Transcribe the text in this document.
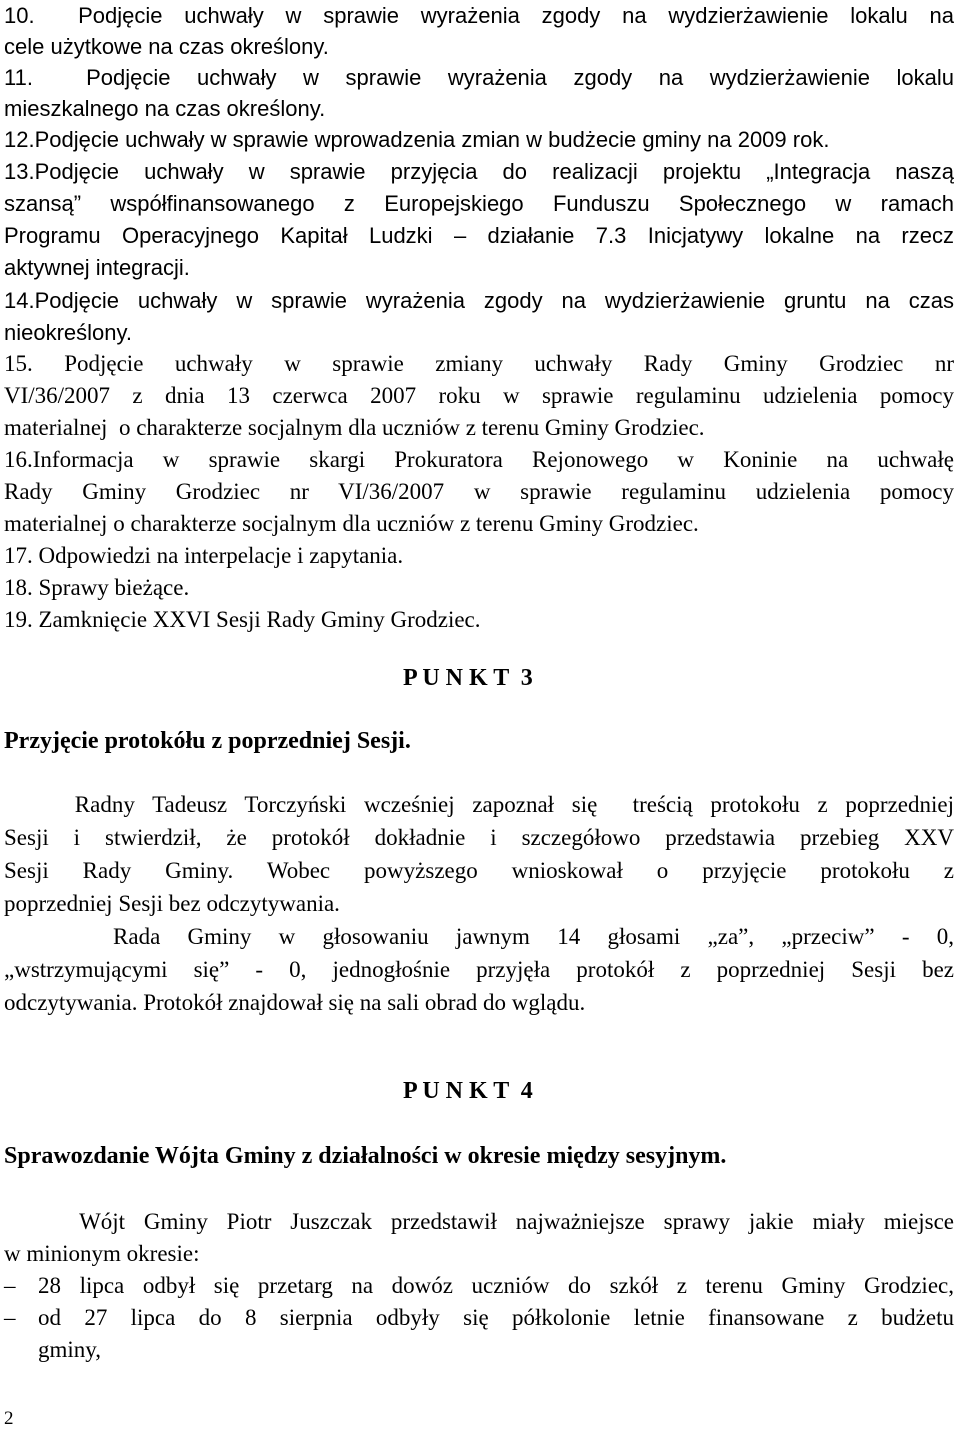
10.  Podjęcie uchwały w sprawie wyrażenia zgody na wydzierżawienie lokalu na
cele użytkowe na czas określony.
11.  Podjęcie uchwały w sprawie wyrażenia zgody na wydzierżawienie lokalu
mieszkalnego na czas określony.
12.Podjęcie uchwały w sprawie wprowadzenia zmian w budżecie gminy na 2009 rok.
13.Podjęcie uchwały w sprawie przyjęcia do realizacji projektu „Integracja naszą
szansą” współfinansowanego z Europejskiego Funduszu Społecznego w ramach
Programu Operacyjnego Kapitał Ludzki – działanie 7.3 Inicjatywy lokalne na rzecz
aktywnej integracji.
14.Podjęcie uchwały w sprawie wyrażenia zgody na wydzierżawienie gruntu na czas
nieokreślony.
15. Podjęcie uchwały w sprawie zmiany uchwały Rady Gminy Grodziec nr
VI/36/2007 z dnia 13 czerwca 2007 roku w sprawie regulaminu udzielenia pomocy
materialnej  o charakterze socjalnym dla uczniów z terenu Gminy Grodziec.
16.Informacja w sprawie skargi Prokuratora Rejonowego w Koninie na uchwałę
Rady Gminy Grodziec nr VI/36/2007 w sprawie regulaminu udzielenia pomocy
materialnej o charakterze socjalnym dla uczniów z terenu Gminy Grodziec.
17. Odpowiedzi na interpelacje i zapytania.
18. Sprawy bieżące.
19. Zamknięcie XXVI Sesji Rady Gminy Grodziec.
P U N K T  3
Przyjęcie protokółu z poprzedniej Sesji.
Radny Tadeusz Torczyński wcześniej zapoznał się  treścią protokołu z poprzedniej
Sesji i stwierdził, że protokół dokładnie i szczegółowo przedstawia przebieg XXV
Sesji Rady Gminy. Wobec powyższego wnioskował o przyjęcie protokołu z
poprzedniej Sesji bez odczytywania.
Rada Gminy w głosowaniu jawnym 14 głosami „za”, „przeciw” - 0,
„wstrzymującymi się” - 0, jednogłośnie przyjęła protokół z poprzedniej Sesji bez
odczytywania. Protokół znajdował się na sali obrad do wglądu.
P U N K T  4
Sprawozdanie Wójta Gminy z działalności w okresie między sesyjnym.
Wójt Gminy Piotr Juszczak przedstawił najważniejsze sprawy jakie miały miejsce
w minionym okresie:
– 28 lipca odbył się przetarg na dowóz uczniów do szkół z terenu Gminy Grodziec,
– od 27 lipca do 8 sierpnia odbyły się półkolonie letnie finansowane z budżetu
gminy,
2
